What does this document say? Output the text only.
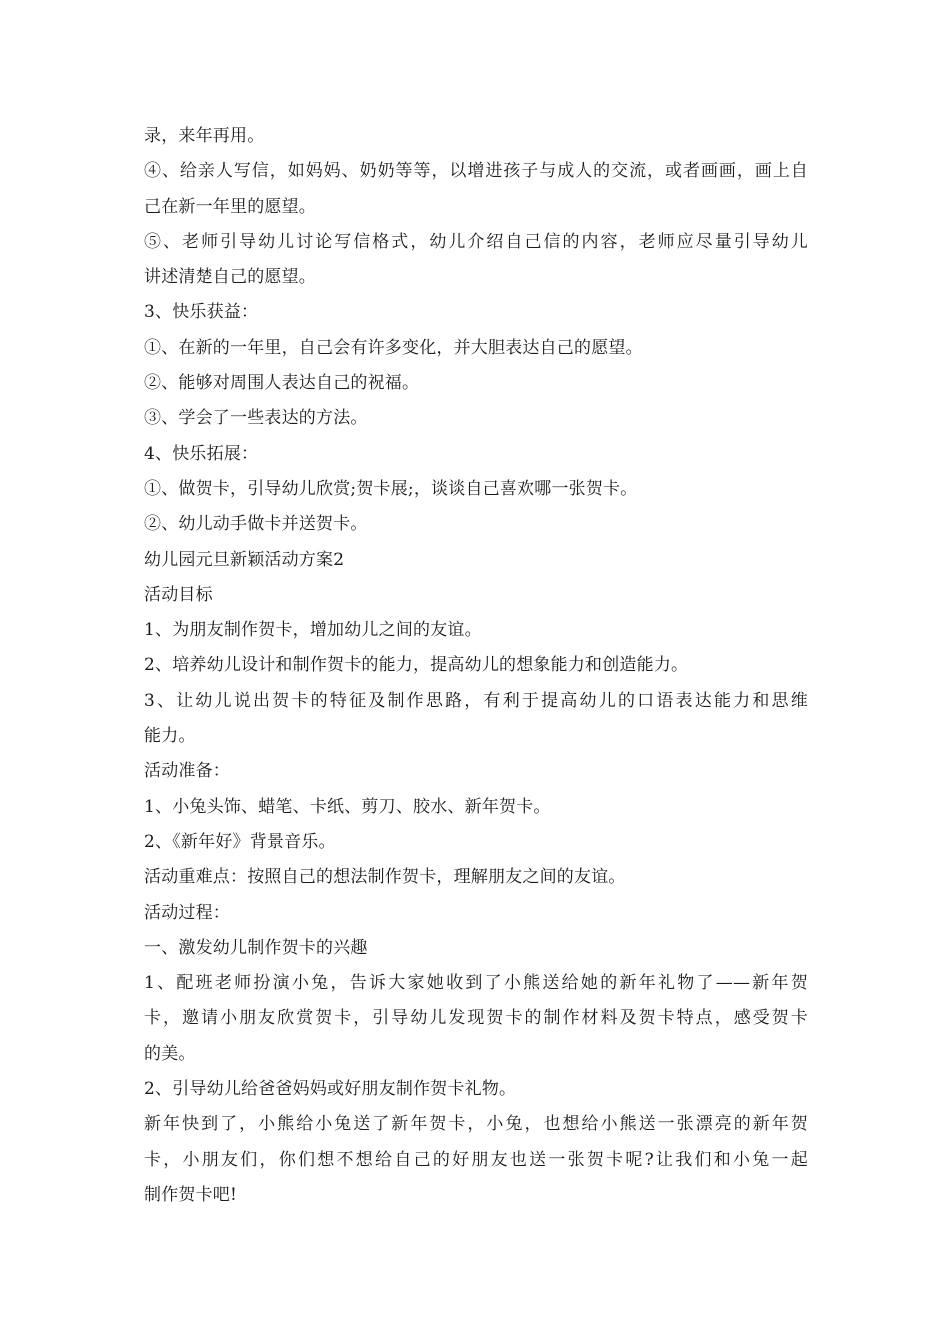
录，来年再用。
④、给亲人写信，如妈妈、奶奶等等，以增进孩子与成人的交流，或者画画，画上自
己在新一年里的愿望。
⑤、老师引导幼儿讨论写信格式，幼儿介绍自己信的内容，老师应尽量引导幼儿
讲述清楚自己的愿望。
3、快乐获益：
①、在新的一年里，自己会有许多变化，并大胆表达自己的愿望。
②、能够对周围人表达自己的祝福。
③、学会了一些表达的方法。
4、快乐拓展：
①、做贺卡，引导幼儿欣赏;贺卡展;，谈谈自己喜欢哪一张贺卡。
②、幼儿动手做卡并送贺卡。
幼儿园元旦新颖活动方案2
活动目标
1、为朋友制作贺卡，增加幼儿之间的友谊。
2、培养幼儿设计和制作贺卡的能力，提高幼儿的想象能力和创造能力。
3、让幼儿说出贺卡的特征及制作思路，有利于提高幼儿的口语表达能力和思维
能力。
活动准备：
1、小兔头饰、蜡笔、卡纸、剪刀、胶水、新年贺卡。
2、《新年好》背景音乐。
活动重难点：按照自己的想法制作贺卡，理解朋友之间的友谊。
活动过程：
一、激发幼儿制作贺卡的兴趣
1、配班老师扮演小兔，告诉大家她收到了小熊送给她的新年礼物了——新年贺
卡，邀请小朋友欣赏贺卡，引导幼儿发现贺卡的制作材料及贺卡特点，感受贺卡
的美。
2、引导幼儿给爸爸妈妈或好朋友制作贺卡礼物。
新年快到了，小熊给小兔送了新年贺卡，小兔，也想给小熊送一张漂亮的新年贺
卡，小朋友们，你们想不想给自己的好朋友也送一张贺卡呢?让我们和小兔一起
制作贺卡吧!
